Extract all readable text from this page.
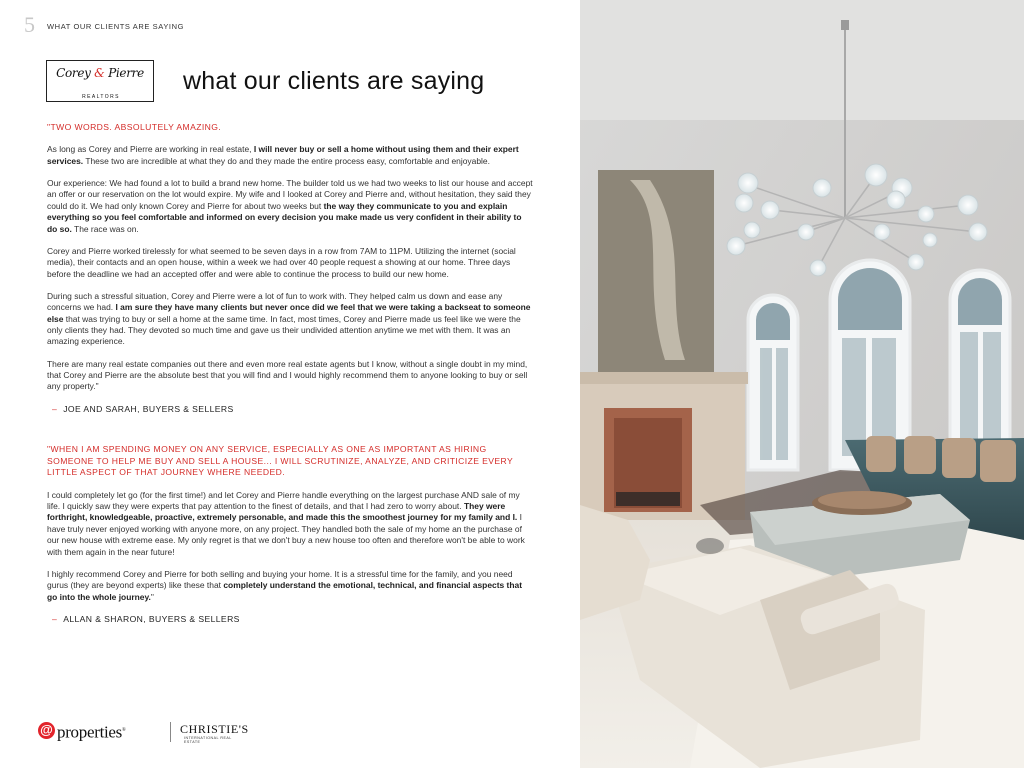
5 WHAT OUR CLIENTS ARE SAYING
Corey & Pierre
REALTORS
what our clients are saying

"TWO WORDS. ABSOLUTELY AMAZING.

As long as Corey and Pierre are working in real estate, I will never buy or sell a home without using them and their expert services. These two are incredible at what they do and they made the entire process easy, comfortable and enjoyable.

Our experience: We had found a lot to build a brand new home. The builder told us we had two weeks to list our house and accept an offer or our reservation on the lot would expire. My wife and I looked at Corey and Pierre and, without hesitation, they said they could do it. We had only known Corey and Pierre for about two weeks but the way they communicate to you and explain everything so you feel comfortable and informed on every decision you make made us very confident in their ability to do so. The race was on.

Corey and Pierre worked tirelessly for what seemed to be seven days in a row from 7AM to 11PM. Utilizing the internet (social media), their contacts and an open house, within a week we had over 40 people request a showing at our home. Three days before the deadline we had an accepted offer and were able to continue the process to build our new home.

During such a stressful situation, Corey and Pierre were a lot of fun to work with. They helped calm us down and ease any concerns we had. I am sure they have many clients but never once did we feel that we were taking a backseat to someone else that was trying to buy or sell a home at the same time. In fact, most times, Corey and Pierre made us feel like we were the only clients they had. They devoted so much time and gave us their undivided attention anytime we met with them. It was an amazing experience.

There are many real estate companies out there and even more real estate agents but I know, without a single doubt in my mind, that Corey and Pierre are the absolute best that you will find and I would highly recommend them to anyone looking to buy or sell any property."

– JOE AND SARAH, BUYERS & SELLERS

"WHEN I AM SPENDING MONEY ON ANY SERVICE, ESPECIALLY AS ONE AS IMPORTANT AS HIRING SOMEONE TO HELP ME BUY AND SELL A HOUSE... I WILL SCRUTINIZE, ANALYZE, AND CRITICIZE EVERY LITTLE ASPECT OF THAT JOURNEY WHERE NEEDED.

I could completely let go (for the first time!) and let Corey and Pierre handle everything on the largest purchase AND sale of my life. I quickly saw they were experts that pay attention to the finest of details, and that I had zero to worry about. They were forthright, knowledgeable, proactive, extremely personable, and made this the smoothest journey for my family and I. I have truly never enjoyed working with anyone more, on any project. They handled both the sale of my home an the purchase of our new house with extreme ease. My only regret is that we don't buy a new house too often and therefore won't be able to work with them again in the near future!

I highly recommend Corey and Pierre for both selling and buying your home. It is a stressful time for the family, and you need gurus (they are beyond experts) like these that completely understand the emotional, technical, and financial aspects that go into the whole journey."

– ALLAN & SHARON, BUYERS & SELLERS
@ properties®	CHRISTIE'S
INTERNATIONAL REAL ESTATE
